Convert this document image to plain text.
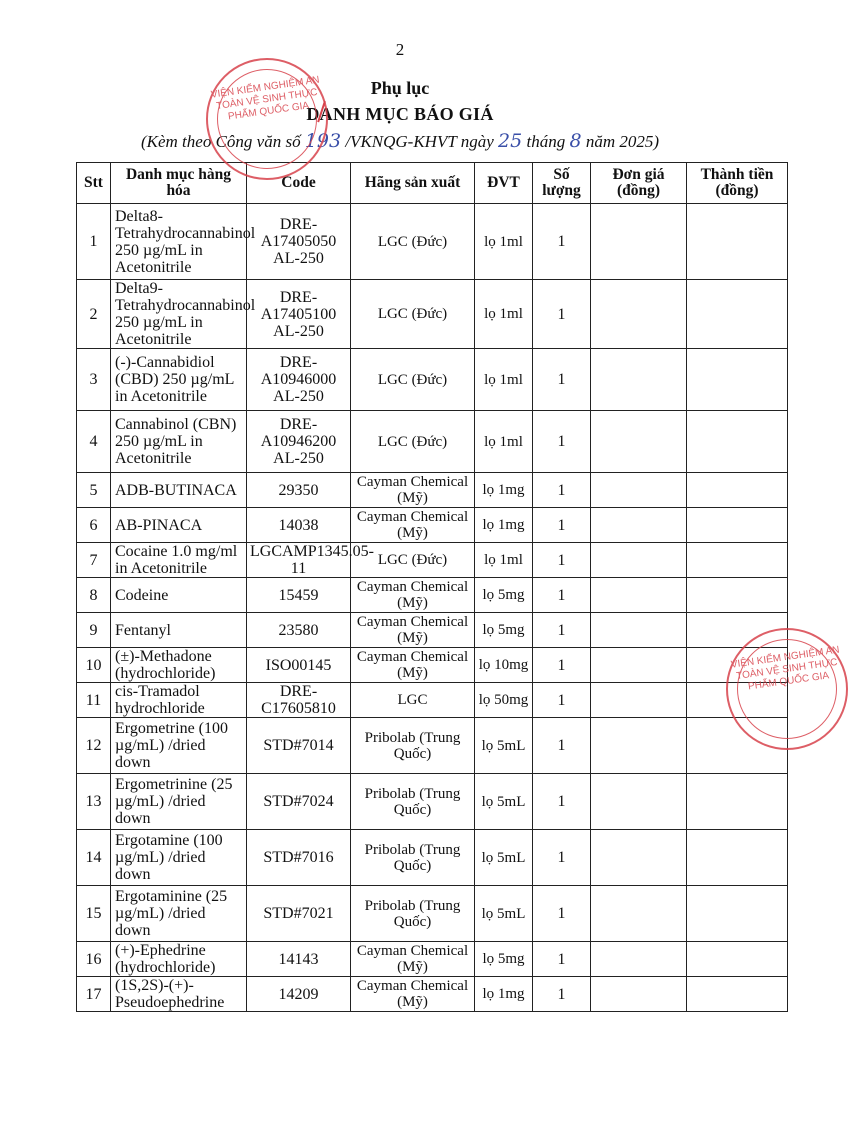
2
Phụ lục
DANH MỤC BÁO GIÁ
(Kèm theo Công văn số 193 /VKNQG-KHVT ngày 25 tháng 8 năm 2025)
Stt	Danh mục hàng hóa	Code	Hãng sản xuất	ĐVT	Số lượng	Đơn giá (đồng)	Thành tiền (đồng)
1	Delta8-Tetrahydrocannabinol 250 µg/mL in Acetonitrile	DRE-A17405050 AL-250	LGC (Đức)	lọ 1ml	1		
2	Delta9-Tetrahydrocannabinol 250 µg/mL in Acetonitrile	DRE-A17405100 AL-250	LGC (Đức)	lọ 1ml	1		
3	(-)-Cannabidiol (CBD) 250 µg/mL in Acetonitrile	DRE-A10946000 AL-250	LGC (Đức)	lọ 1ml	1		
4	Cannabinol (CBN) 250 µg/mL in Acetonitrile	DRE-A10946200 AL-250	LGC (Đức)	lọ 1ml	1		
5	ADB-BUTINACA	29350	Cayman Chemical (Mỹ)	lọ 1mg	1		
6	AB-PINACA	14038	Cayman Chemical (Mỹ)	lọ 1mg	1		
7	Cocaine 1.0 mg/ml in Acetonitrile	LGCAMP1345.05-11	LGC (Đức)	lọ 1ml	1		
8	Codeine	15459	Cayman Chemical (Mỹ)	lọ 5mg	1		
9	Fentanyl	23580	Cayman Chemical (Mỹ)	lọ 5mg	1		
10	(±)-Methadone (hydrochloride)	ISO00145	Cayman Chemical (Mỹ)	lọ 10mg	1		
11	cis-Tramadol hydrochloride	DRE-C17605810	LGC	lọ 50mg	1		
12	Ergometrine (100 µg/mL) /dried down	STD#7014	Pribolab (Trung Quốc)	lọ 5mL	1		
13	Ergometrinine (25 µg/mL) /dried down	STD#7024	Pribolab (Trung Quốc)	lọ 5mL	1		
14	Ergotamine (100 µg/mL) /dried down	STD#7016	Pribolab (Trung Quốc)	lọ 5mL	1		
15	Ergotaminine (25 µg/mL) /dried down	STD#7021	Pribolab (Trung Quốc)	lọ 5mL	1		
16	(+)-Ephedrine (hydrochloride)	14143	Cayman Chemical (Mỹ)	lọ 5mg	1		
17	(1S,2S)-(+)-Pseudoephedrine	14209	Cayman Chemical (Mỹ)	lọ 1mg	1		
VIỆN KIỂM NGHIỆM AN TOÀN VỆ SINH THỰC PHẨM QUỐC GIA
VIỆN KIỂM NGHIỆM AN TOÀN VỆ SINH THỰC PHẨM QUỐC GIA
